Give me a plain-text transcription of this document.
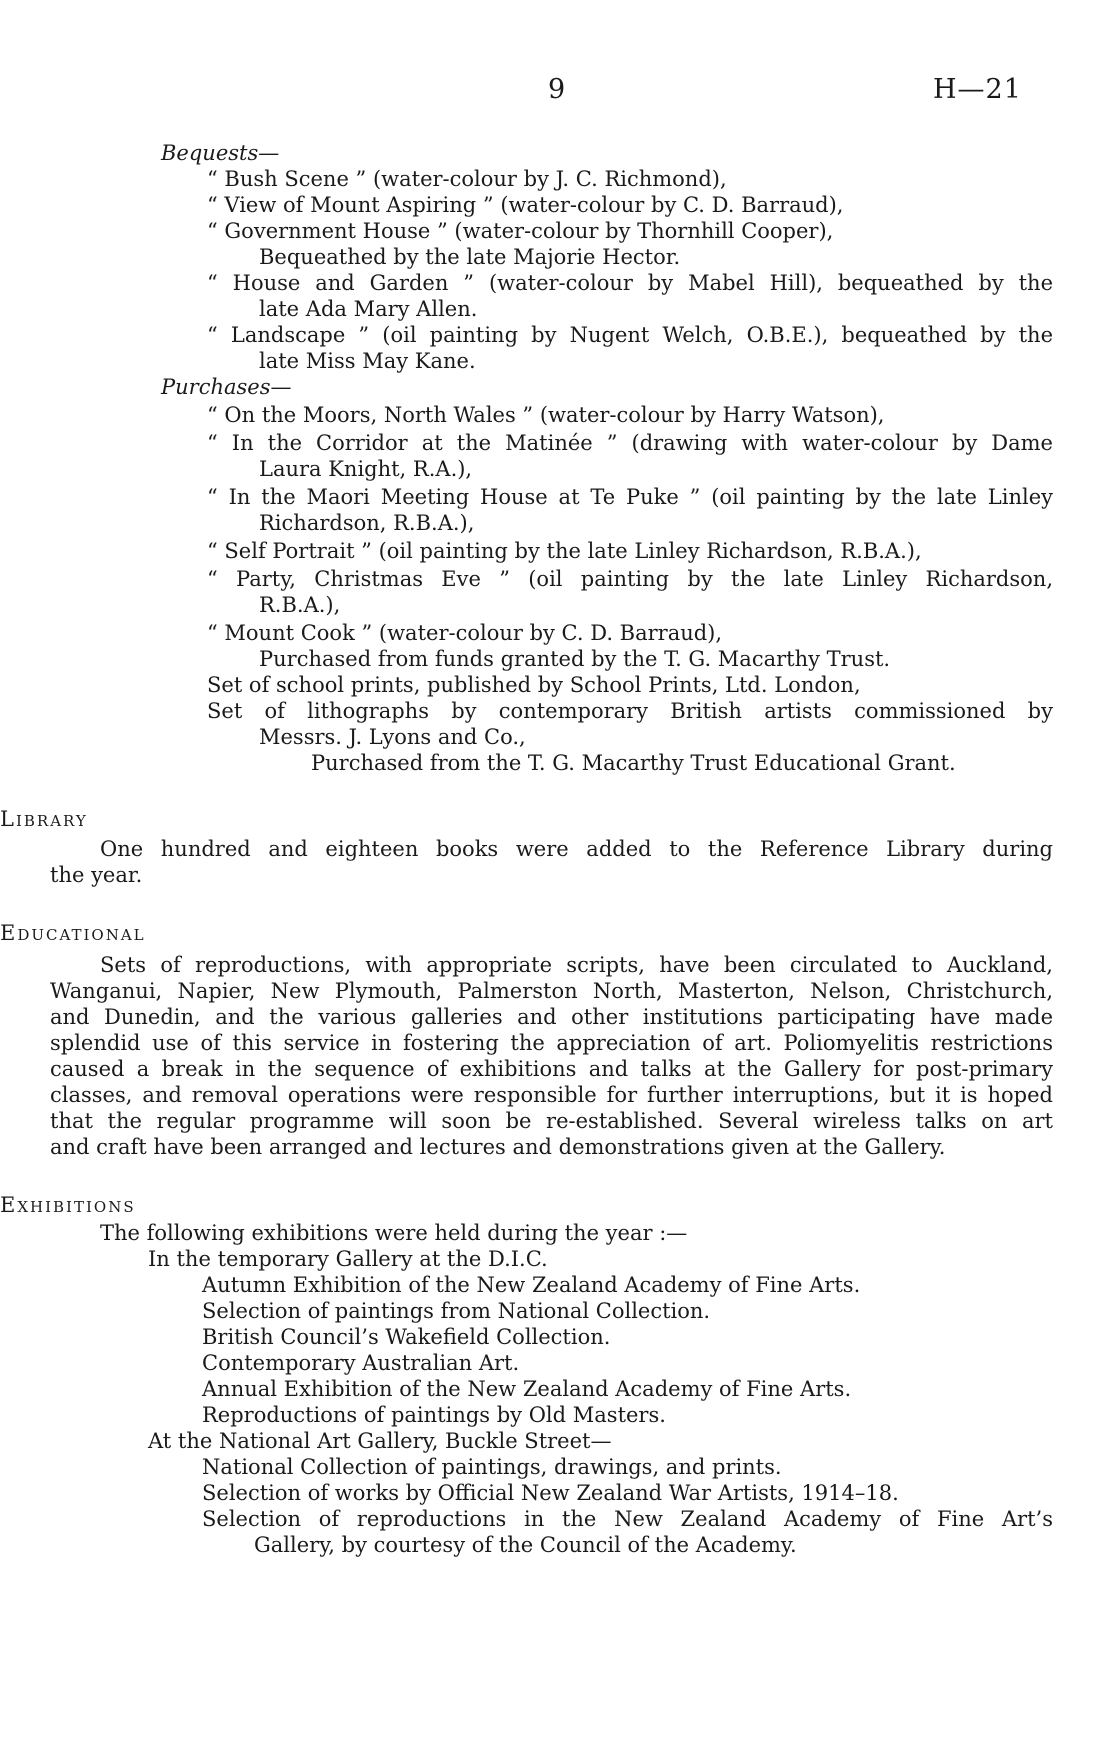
9	H—21
Bequests—
“ Bush Scene ” (water-colour by J. C. Richmond),
“ View of Mount Aspiring ” (water-colour by C. D. Barraud),
“ Government House ” (water-colour by Thornhill Cooper),
Bequeathed by the late Majorie Hector.
“ House and Garden ” (water-colour by Mabel Hill), bequeathed by the
late Ada Mary Allen.
“ Landscape ” (oil painting by Nugent Welch, O.B.E.), bequeathed by the
late Miss May Kane.
Purchases—
“ On the Moors, North Wales ” (water-colour by Harry Watson),
“ In the Corridor at the Matinée ” (drawing with water-colour by Dame
Laura Knight, R.A.),
“ In the Maori Meeting House at Te Puke ” (oil painting by the late Linley
Richardson, R.B.A.),
“ Self Portrait ” (oil painting by the late Linley Richardson, R.B.A.),
“ Party, Christmas Eve ” (oil painting by the late Linley Richardson,
R.B.A.),
“ Mount Cook ” (water-colour by C. D. Barraud),
Purchased from funds granted by the T. G. Macarthy Trust.
Set of school prints, published by School Prints, Ltd. London,
Set of lithographs by contemporary British artists commissioned by
Messrs. J. Lyons and Co.,
Purchased from the T. G. Macarthy Trust Educational Grant.
Library
One hundred and eighteen books were added to the Reference Library during
the year.
Educational
Sets of reproductions, with appropriate scripts, have been circulated to Auckland,
Wanganui, Napier, New Plymouth, Palmerston North, Masterton, Nelson, Christchurch,
and Dunedin, and the various galleries and other institutions participating have made
splendid use of this service in fostering the appreciation of art. Poliomyelitis restrictions
caused a break in the sequence of exhibitions and talks at the Gallery for post-primary
classes, and removal operations were responsible for further interruptions, but it is hoped
that the regular programme will soon be re-established. Several wireless talks on art
and craft have been arranged and lectures and demonstrations given at the Gallery.
Exhibitions
The following exhibitions were held during the year :—
In the temporary Gallery at the D.I.C.
Autumn Exhibition of the New Zealand Academy of Fine Arts.
Selection of paintings from National Collection.
British Council’s Wakefield Collection.
Contemporary Australian Art.
Annual Exhibition of the New Zealand Academy of Fine Arts.
Reproductions of paintings by Old Masters.
At the National Art Gallery, Buckle Street—
National Collection of paintings, drawings, and prints.
Selection of works by Official New Zealand War Artists, 1914–18.
Selection of reproductions in the New Zealand Academy of Fine Art’s
Gallery, by courtesy of the Council of the Academy.
